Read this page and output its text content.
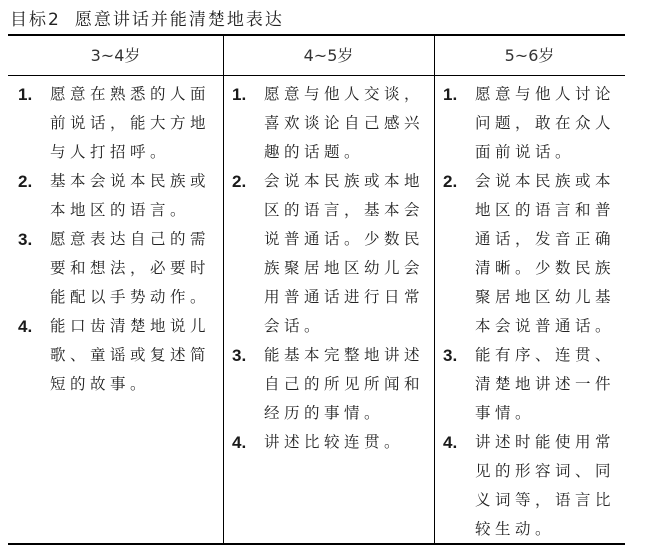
目标2 愿意讲话并能清楚地表达
3~4岁	4~5岁	5~6岁
1. 愿意在熟悉的人面
前说话，能大方地
与人打招呼。
2. 基本会说本民族或
本地区的语言。
3. 愿意表达自己的需
要和想法，必要时
能配以手势动作。
4. 能口齿清楚地说儿
歌、童谣或复述简
短的故事。
1. 愿意与他人交谈，
喜欢谈论自己感兴
趣的话题。
2. 会说本民族或本地
区的语言，基本会
说普通话。少数民
族聚居地区幼儿会
用普通话进行日常
会话。
3. 能基本完整地讲述
自己的所见所闻和
经历的事情。
4. 讲述比较连贯。
1. 愿意与他人讨论
问题，敢在众人
面前说话。
2. 会说本民族或本
地区的语言和普
通话，发音正确
清晰。少数民族
聚居地区幼儿基
本会说普通话。
3. 能有序、连贯、
清楚地讲述一件
事情。
4. 讲述时能使用常
见的形容词、同
义词等，语言比
较生动。
